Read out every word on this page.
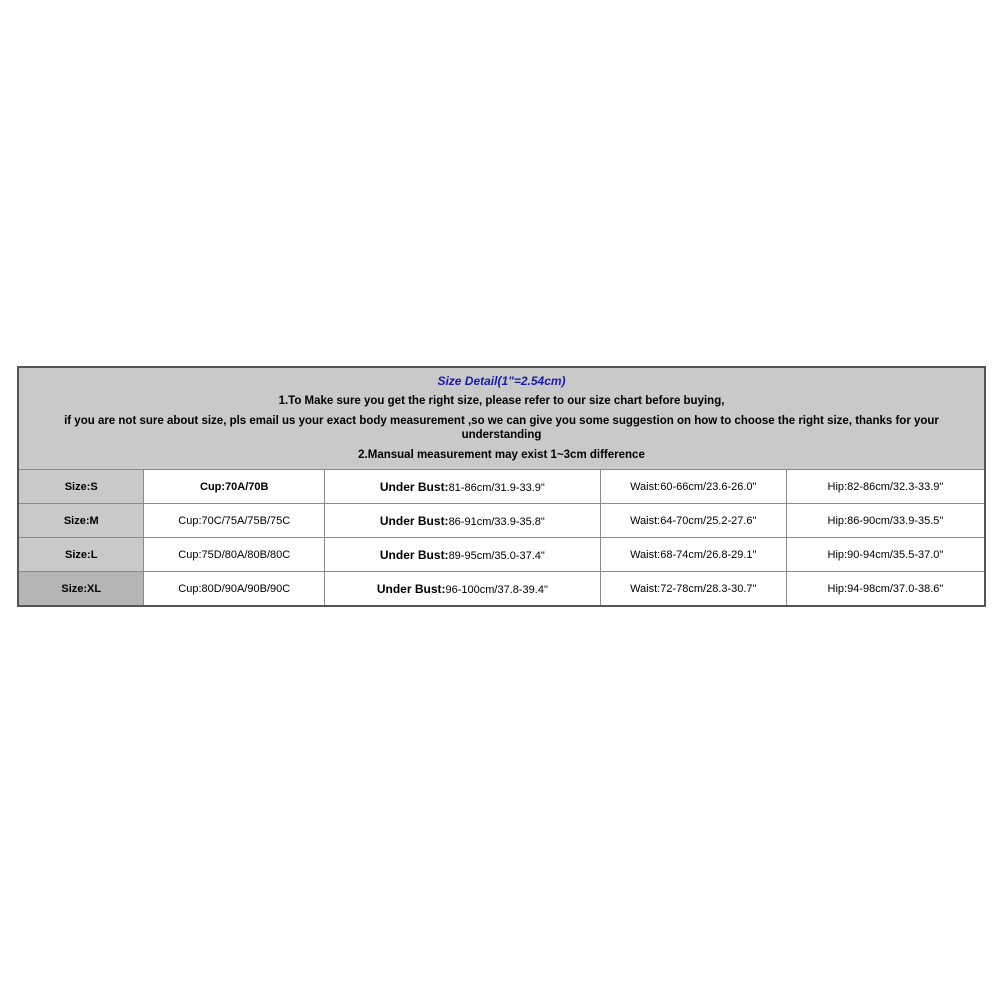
Size Detail(1"=2.54cm)
1.To Make sure you get the right size, please refer to our size chart before buying,
if you are not sure about size, pls email us your exact body measurement ,so we can give you some suggestion on how to choose the right size, thanks for your understanding
2.Mansual measurement may exist 1~3cm difference				

Size:S	Cup:70A/70B	Under Bust:81-86cm/31.9-33.9"	Waist:60-66cm/23.6-26.0"	Hip:82-86cm/32.3-33.9"
Size:M	Cup:70C/75A/75B/75C	Under Bust:86-91cm/33.9-35.8"	Waist:64-70cm/25.2-27.6"	Hip:86-90cm/33.9-35.5"
Size:L	Cup:75D/80A/80B/80C	Under Bust:89-95cm/35.0-37.4"	Waist:68-74cm/26.8-29.1"	Hip:90-94cm/35.5-37.0"
Size:XL	Cup:80D/90A/90B/90C	Under Bust:96-100cm/37.8-39.4"	Waist:72-78cm/28.3-30.7"	Hip:94-98cm/37.0-38.6"
